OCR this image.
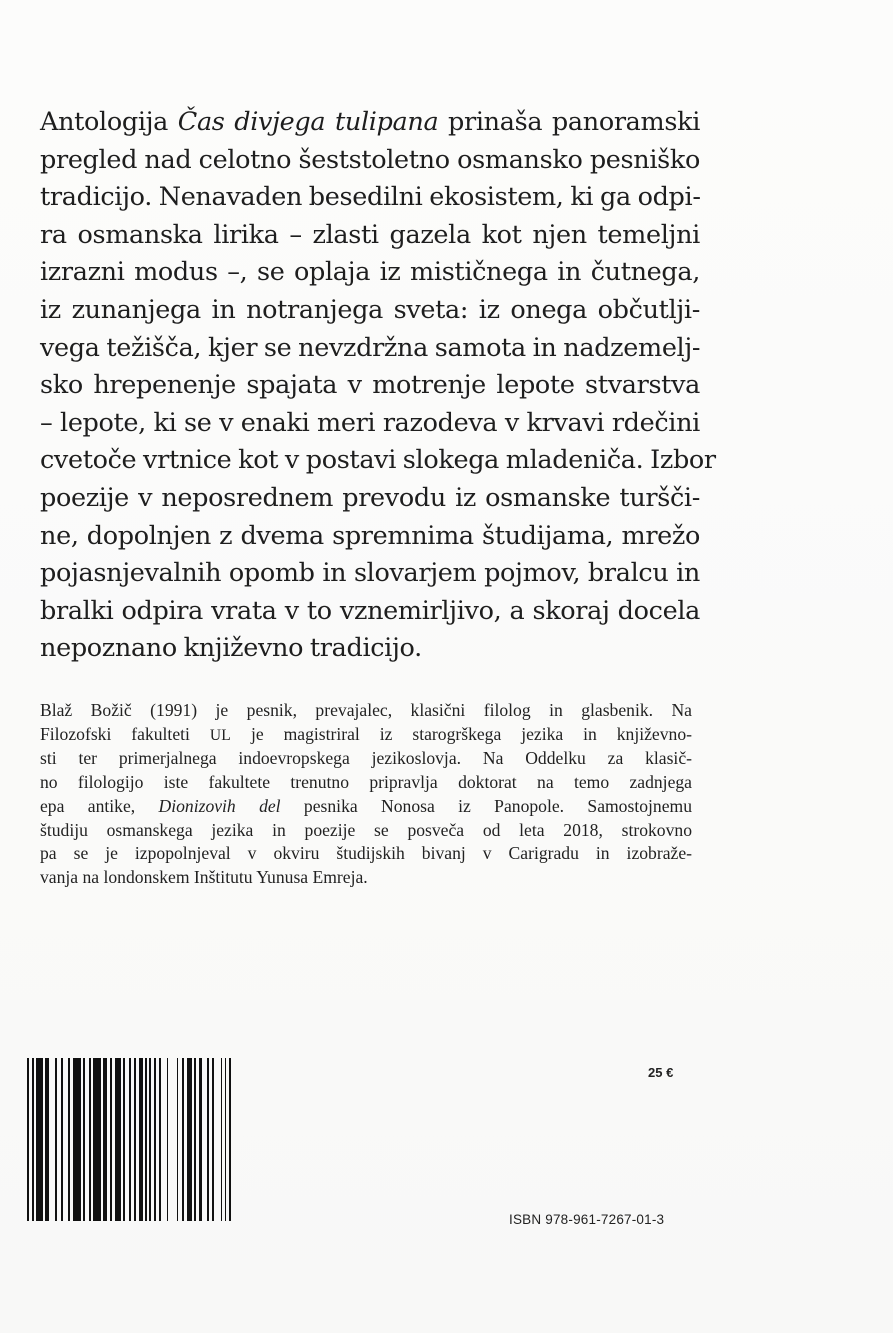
Antologija Čas divjega tulipana prinaša panoramski
pregled nad celotno šeststoletno osmansko pesniško
tradicijo. Nenavaden besedilni ekosistem, ki ga odpi-
ra osmanska lirika – zlasti gazela kot njen temeljni
izrazni modus –, se oplaja iz mističnega in čutnega,
iz zunanjega in notranjega sveta: iz onega občutlji-
vega težišča, kjer se nevzdržna samota in nadzemelj-
sko hrepenenje spajata v motrenje lepote stvarstva
– lepote, ki se v enaki meri razodeva v krvavi rdečini
cvetoče vrtnice kot v postavi slokega mladeniča. Izbor
poezije v neposrednem prevodu iz osmanske turšči-
ne, dopolnjen z dvema spremnima študijama, mrežo
pojasnjevalnih opomb in slovarjem pojmov, bralcu in
bralki odpira vrata v to vznemirljivo, a skoraj docela
nepoznano književno tradicijo.
Blaž Božič (1991) je pesnik, prevajalec, klasični filolog in glasbenik. Na
Filozofski fakulteti UL je magistriral iz starogrškega jezika in književno-
sti ter primerjalnega indoevropskega jezikoslovja. Na Oddelku za klasič-
no filologijo iste fakultete trenutno pripravlja doktorat na temo zadnjega
epa antike, Dionizovih del pesnika Nonosa iz Panopole. Samostojnemu
študiju osmanskega jezika in poezije se posveča od leta 2018, strokovno
pa se je izpopolnjeval v okviru študijskih bivanj v Carigradu in izobraže-
vanja na londonskem Inštitutu Yunusa Emreja.
25 €
ISBN 978-961-7267-01-3
